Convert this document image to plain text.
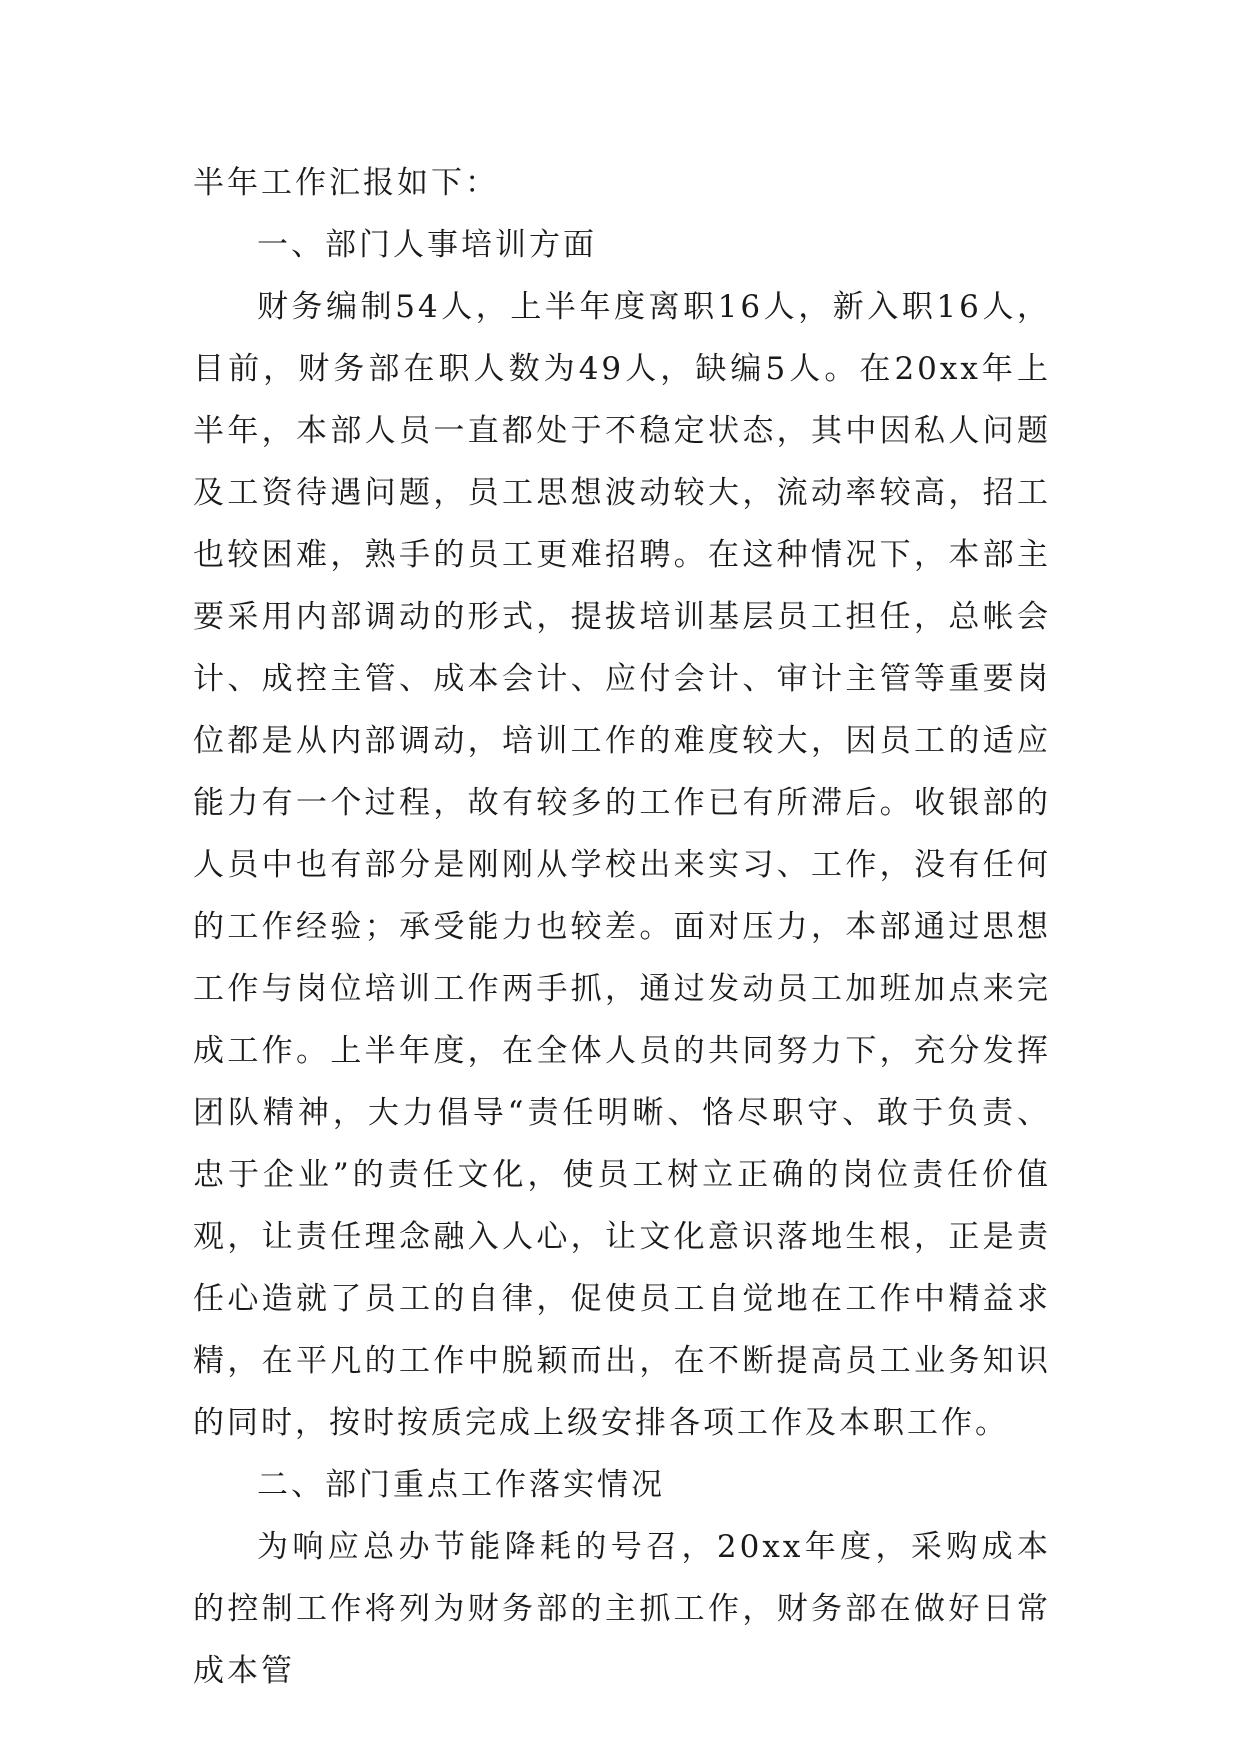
半年工作汇报如下：

一、部门人事培训方面

财务编制54人，上半年度离职16人，新入职16人，目前，财务部在职人数为49人，缺编5人。在20xx年上半年，本部人员一直都处于不稳定状态，其中因私人问题及工资待遇问题，员工思想波动较大，流动率较高，招工也较困难，熟手的员工更难招聘。在这种情况下，本部主要采用内部调动的形式，提拔培训基层员工担任，总帐会计、成控主管、成本会计、应付会计、审计主管等重要岗位都是从内部调动，培训工作的难度较大，因员工的适应能力有一个过程，故有较多的工作已有所滞后。收银部的人员中也有部分是刚刚从学校出来实习、工作，没有任何的工作经验；承受能力也较差。面对压力，本部通过思想工作与岗位培训工作两手抓，通过发动员工加班加点来完成工作。上半年度，在全体人员的共同努力下，充分发挥团队精神，大力倡导“责任明晰、恪尽职守、敢于负责、忠于企业”的责任文化，使员工树立正确的岗位责任价值观，让责任理念融入人心，让文化意识落地生根，正是责任心造就了员工的自律，促使员工自觉地在工作中精益求精，在平凡的工作中脱颖而出，在不断提高员工业务知识的同时，按时按质完成上级安排各项工作及本职工作。

二、部门重点工作落实情况

为响应总办节能降耗的号召，20xx年度，采购成本的控制工作将列为财务部的主抓工作，财务部在做好日常成本管
